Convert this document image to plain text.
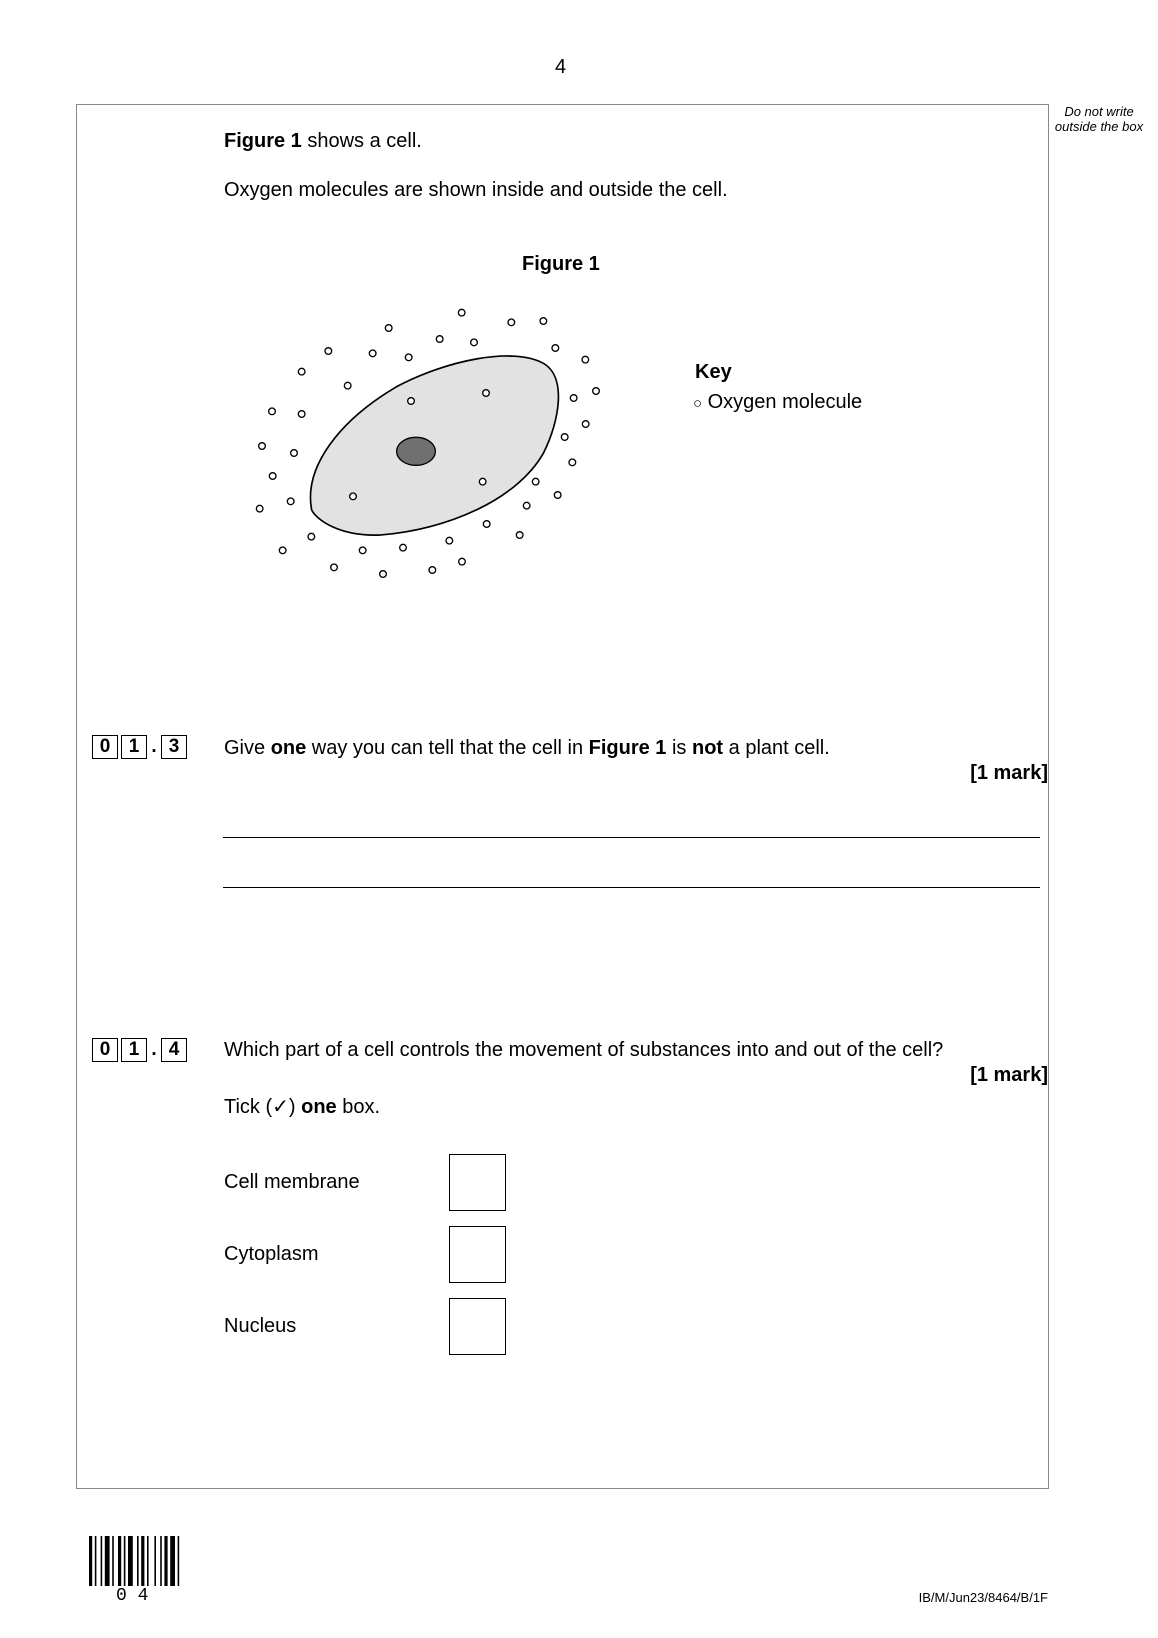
4
Do not write outside the box
Figure 1 shows a cell.
Oxygen molecules are shown inside and outside the cell.
Figure 1
Key
○ Oxygen molecule
0 1 . 3	Give one way you can tell that the cell in Figure 1 is not a plant cell.
[1 mark]
0 1 . 4	Which part of a cell controls the movement of substances into and out of the cell?
[1 mark]
Tick (✓) one box.
Cell membrane
Cytoplasm
Nucleus
0 4	IB/M/Jun23/8464/B/1F
